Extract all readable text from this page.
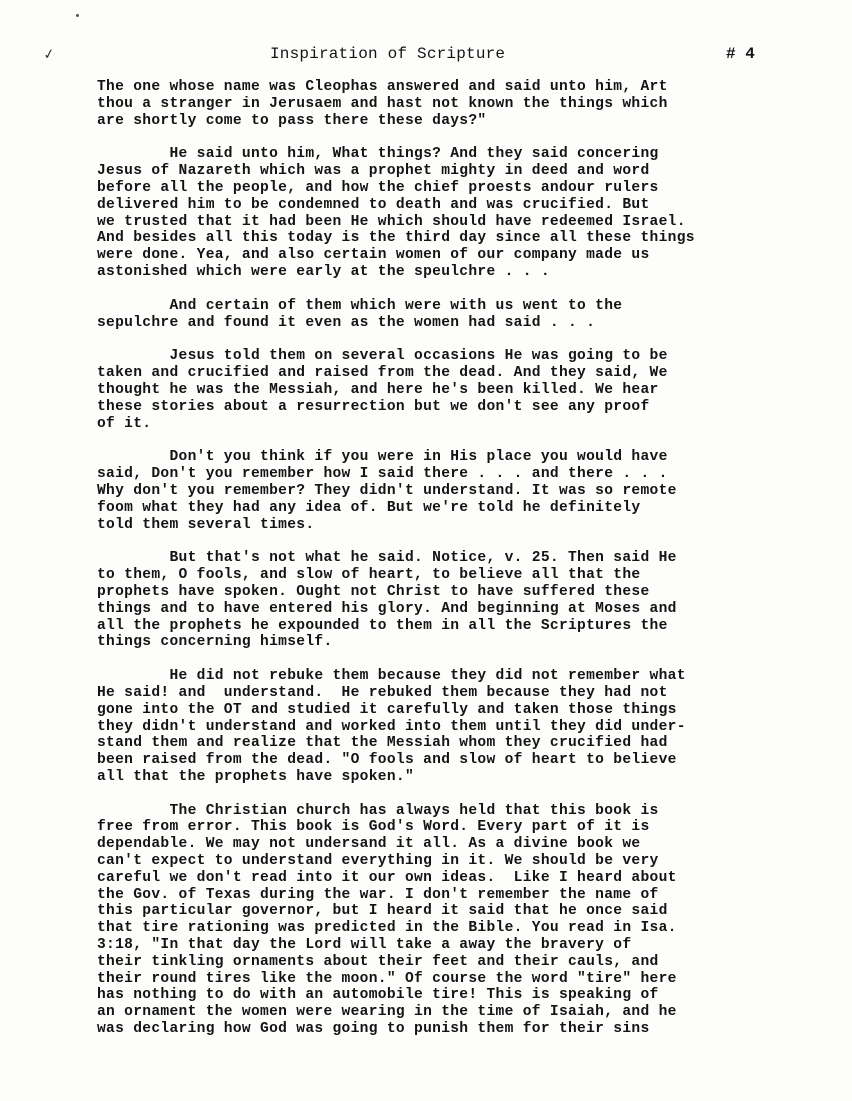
✓	Inspiration of Scripture	# 4

The one whose name was Cleophas answered and said unto him, Art
thou a stranger in Jerusaem and hast not known the things which
are shortly come to pass there these days?"

He said unto him, What things? And they said concering
Jesus of Nazareth which was a prophet mighty in deed and word
before all the people, and how the chief proests andour rulers
delivered him to be condemned to death and was crucified. But
we trusted that it had been He which should have redeemed Israel.
And besides all this today is the third day since all these things
were done. Yea, and also certain women of our company made us
astonished which were early at the speulchre . . .

And certain of them which were with us went to the
sepulchre and found it even as the women had said . . .

Jesus told them on several occasions He was going to be
taken and crucified and raised from the dead. And they said, We
thought he was the Messiah, and here he's been killed. We hear
these stories about a resurrection but we don't see any proof
of it.

Don't you think if you were in His place you would have
said, Don't you remember how I said there . . . and there . . .
Why don't you remember? They didn't understand. It was so remote
foom what they had any idea of. But we're told he definitely
told them several times.

But that's not what he said. Notice, v. 25. Then said He
to them, O fools, and slow of heart, to believe all that the
prophets have spoken. Ought not Christ to have suffered these
things and to have entered his glory. And beginning at Moses and
all the prophets he expounded to them in all the Scriptures the
things concerning himself.

He did not rebuke them because they did not remember what
He said! and  understand.  He rebuked them because they had not
gone into the OT and studied it carefully and taken those things
they didn't understand and worked into them until they did under-
stand them and realize that the Messiah whom they crucified had
been raised from the dead. "O fools and slow of heart to believe
all that the prophets have spoken."

The Christian church has always held that this book is
free from error. This book is God's Word. Every part of it is
dependable. We may not undersand it all. As a divine book we
can't expect to understand everything in it. We should be very
careful we don't read into it our own ideas.  Like I heard about
the Gov. of Texas during the war. I don't remember the name of
this particular governor, but I heard it said that he once said
that tire rationing was predicted in the Bible. You read in Isa.
3:18, "In that day the Lord will take a away the bravery of
their tinkling ornaments about their feet and their cauls, and
their round tires like the moon." Of course the word "tire" here
has nothing to do with an automobile tire! This is speaking of
an ornament the women were wearing in the time of Isaiah, and he
was declaring how God was going to punish them for their sins
